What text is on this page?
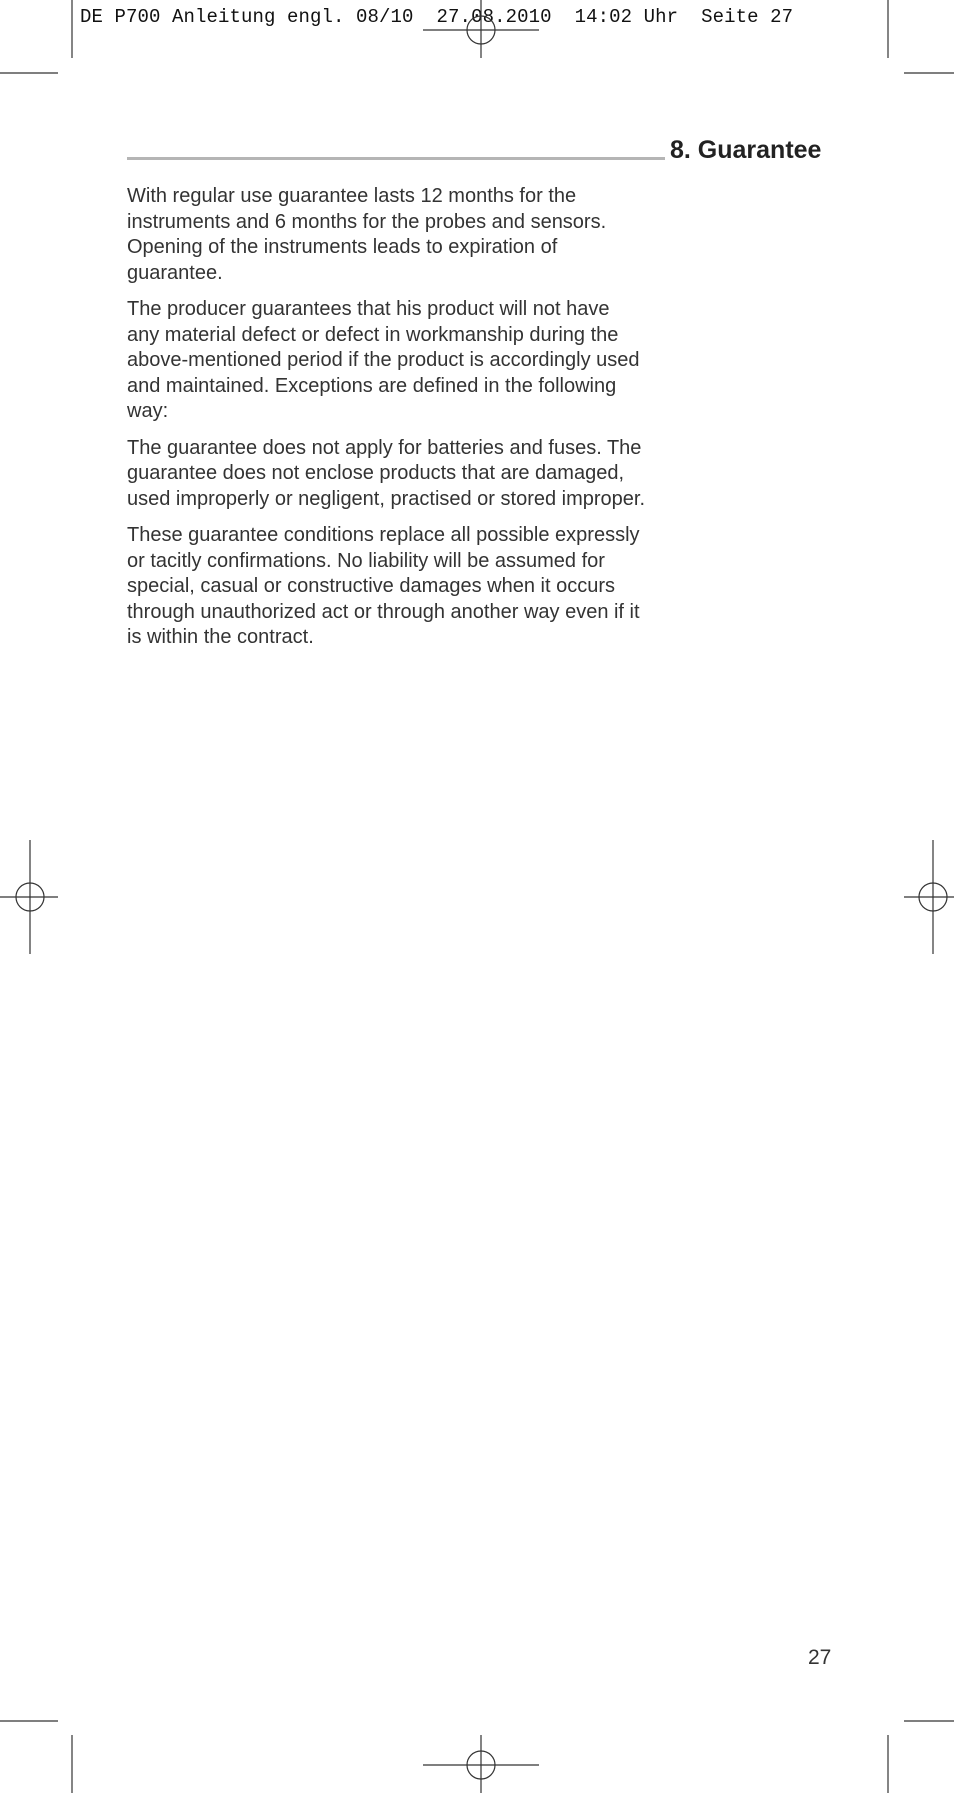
DE P700 Anleitung engl. 08/10  27.08.2010  14:02 Uhr  Seite 27
8. Guarantee

With regular use guarantee lasts 12 months for the instruments and 6 months for the probes and sensors. Opening of the instruments leads to expiration of guarantee.

The producer guarantees that his product will not have any material defect or defect in workmanship during the above-mentioned period if the product is accordingly used and maintained. Exceptions are defined in the following way:

The guarantee does not apply for batteries and fuses. The guarantee does not enclose products that are damaged, used improperly or negligent, practised or stored improper.

These guarantee conditions replace all possible expressly or tacitly confirmations. No liability will be assumed for special, casual or constructive damages when it occurs through unauthorized act or through another way even if it is within the contract.

27
